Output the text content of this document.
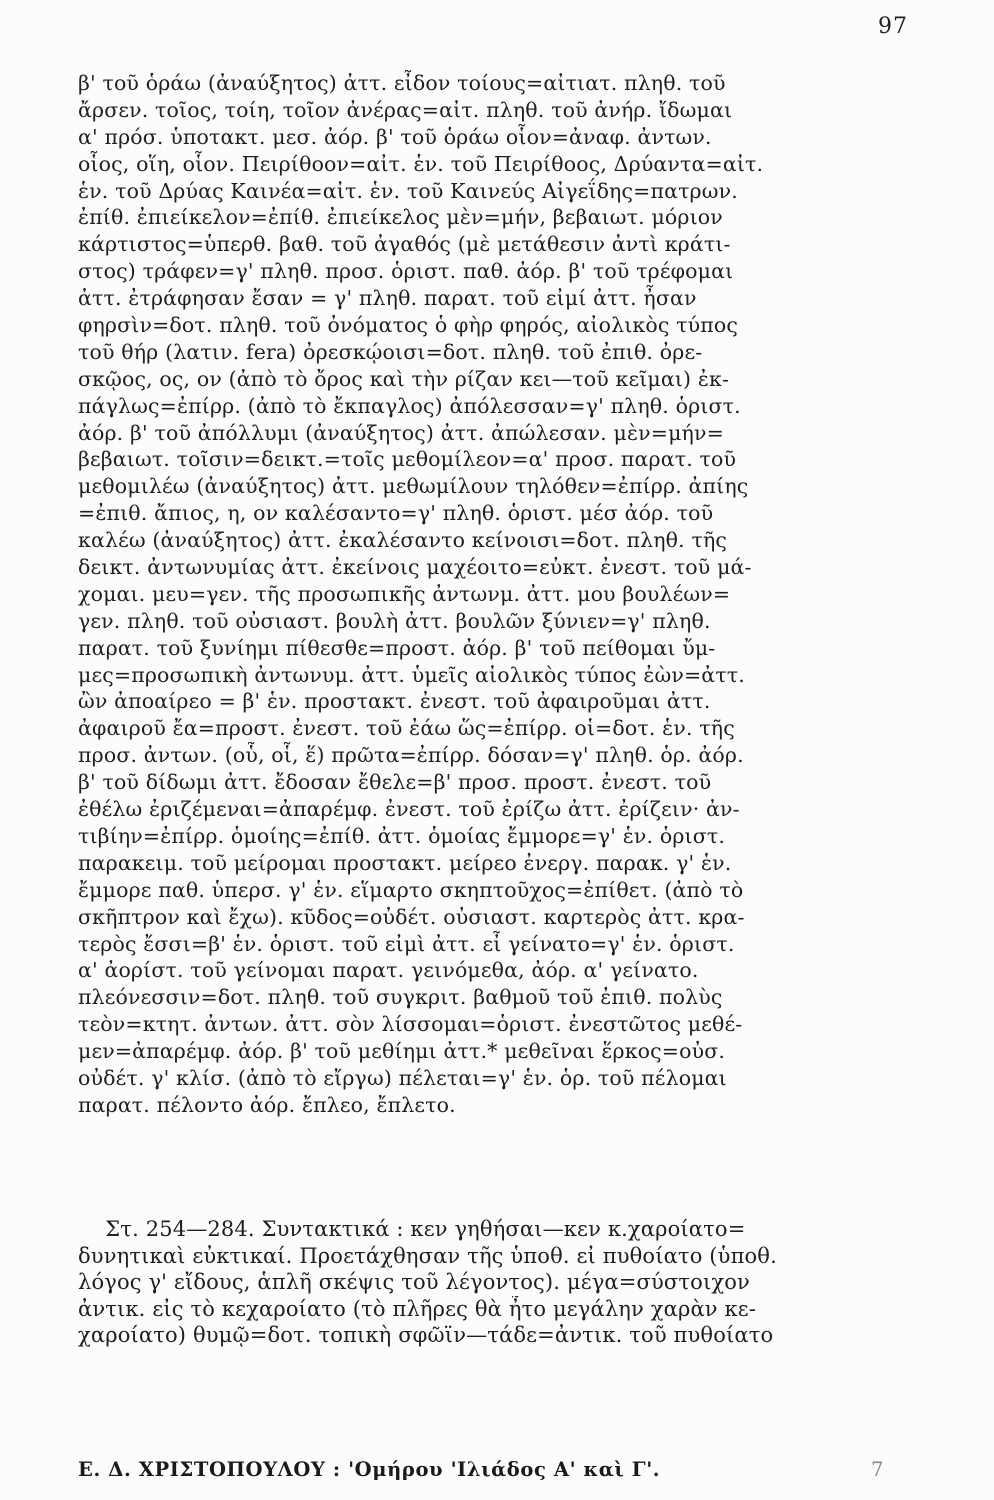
97
β' τοῦ ὁράω (ἀναύξητος) ἀττ. εἶδον τοίους=αἰτιατ. πληθ. τοῦ
ἄρσεν. τοῖος, τοίη, τοῖον ἀνέρας=αἰτ. πληθ. τοῦ ἀνήρ. ἴδωμαι
α' πρόσ. ὑποτακτ. μεσ. ἀόρ. β' τοῦ ὁράω οἷον=ἀναφ. ἀντων.
οἷος, οἵη, οἷον. Πειρίθοον=αἰτ. ἑν. τοῦ Πειρίθοος, Δρύαντα=αἰτ.
ἑν. τοῦ Δρύας Καινέα=αἰτ. ἑν. τοῦ Καινεύς Αἰγεΐδης=πατρων.
ἐπίθ. ἐπιείκελον=ἐπίθ. ἐπιείκελος μὲν=μήν, βεβαιωτ. μόριον
κάρτιστος=ὑπερθ. βαθ. τοῦ ἀγαθός (μὲ μετάθεσιν ἀντὶ κράτι-
στος) τράφεν=γ' πληθ. προσ. ὁριστ. παθ. ἀόρ. β' τοῦ τρέφομαι
ἀττ. ἐτράφησαν ἔσαν = γ' πληθ. παρατ. τοῦ εἰμί ἀττ. ἦσαν
φηρσὶν=δοτ. πληθ. τοῦ ὀνόματος ὁ φὴρ φηρός, αἰολικὸς τύπος
τοῦ θήρ (λατιν. fera) ὀρεσκῴοισι=δοτ. πληθ. τοῦ ἐπιθ. ὀρε-
σκῷος, ος, ον (ἀπὸ τὸ ὄρος καὶ τὴν ρίζαν κει—τοῦ κεῖμαι) ἐκ-
πάγλως=ἐπίρρ. (ἀπὸ τὸ ἔκπαγλος) ἀπόλεσσαν=γ' πληθ. ὁριστ.
ἀόρ. β' τοῦ ἀπόλλυμι (ἀναύξητος) ἀττ. ἀπώλεσαν. μὲν=μήν=
βεβαιωτ. τοῖσιν=δεικτ.=τοῖς μεθομίλεον=α' προσ. παρατ. τοῦ
μεθομιλέω (ἀναύξητος) ἀττ. μεθωμίλουν τηλόθεν=ἐπίρρ. ἀπίης
=ἐπιθ. ἄπιος, η, ον καλέσαντο=γ' πληθ. ὁριστ. μέσ ἀόρ. τοῦ
καλέω (ἀναύξητος) ἀττ. ἐκαλέσαντο κείνοισι=δοτ. πληθ. τῆς
δεικτ. ἀντωνυμίας ἀττ. ἐκείνοις μαχέοιτο=εὐκτ. ἐνεστ. τοῦ μά-
χομαι. μευ=γεν. τῆς προσωπικῆς ἀντωνμ. ἀττ. μου βουλέων=
γεν. πληθ. τοῦ οὐσιαστ. βουλὴ ἀττ. βουλῶν ξύνιεν=γ' πληθ.
παρατ. τοῦ ξυνίημι πίθεσθε=προστ. ἀόρ. β' τοῦ πείθομαι ὔμ-
μες=προσωπικὴ ἀντωνυμ. ἀττ. ὑμεῖς αἰολικὸς τύπος ἐὼν=ἀττ.
ὢν ἀποαίρεο = β' ἑν. προστακτ. ἐνεστ. τοῦ ἀφαιροῦμαι ἀττ.
ἀφαιροῦ ἔα=προστ. ἐνεστ. τοῦ ἐάω ὥς=ἐπίρρ. οἱ=δοτ. ἑν. τῆς
προσ. ἀντων. (οὗ, οἷ, ἕ) πρῶτα=ἐπίρρ. δόσαν=γ' πληθ. ὁρ. ἀόρ.
β' τοῦ δίδωμι ἀττ. ἔδοσαν ἔθελε=β' προσ. προστ. ἐνεστ. τοῦ
ἐθέλω ἐριζέμεναι=ἀπαρέμφ. ἐνεστ. τοῦ ἐρίζω ἀττ. ἐρίζειν· ἀν-
τιβίην=ἐπίρρ. ὁμοίης=ἐπίθ. ἀττ. ὁμοίας ἔμμορε=γ' ἑν. ὁριστ.
παρακειμ. τοῦ μείρομαι προστακτ. μείρεο ἐνεργ. παρακ. γ' ἑν.
ἔμμορε παθ. ὑπερσ. γ' ἑν. εἵμαρτο σκηπτοῦχος=ἐπίθετ. (ἀπὸ τὸ
σκῆπτρον καὶ ἔχω). κῦδος=οὐδέτ. οὐσιαστ. καρτερὸς ἀττ. κρα-
τερὸς ἔσσι=β' ἑν. ὁριστ. τοῦ εἰμὶ ἀττ. εἶ γείνατο=γ' ἑν. ὁριστ.
α' ἀορίστ. τοῦ γείνομαι παρατ. γεινόμεθα, ἀόρ. α' γείνατο.
πλεόνεσσιν=δοτ. πληθ. τοῦ συγκριτ. βαθμοῦ τοῦ ἐπιθ. πολὺς
τεὸν=κτητ. ἀντων. ἀττ. σὸν λίσσομαι=ὁριστ. ἐνεστῶτος μεθέ-
μεν=ἀπαρέμφ. ἀόρ. β' τοῦ μεθίημι ἀττ.* μεθεῖναι ἕρκος=οὐσ.
οὐδέτ. γ' κλίσ. (ἀπὸ τὸ εἴργω) πέλεται=γ' ἑν. ὁρ. τοῦ πέλομαι
παρατ. πέλοντο ἀόρ. ἔπλεο, ἔπλετο.
Στ. 254—284. Συντακτικά : κεν γηθήσαι—κεν κ.χαροίατο=
δυνητικαὶ εὐκτικαί. Προετάχθησαν τῆς ὑποθ. εἰ πυθοίατο (ὑποθ.
λόγος γ' εἴδους, ἁπλῆ σκέψις τοῦ λέγοντος). μέγα=σύστοιχον
ἀντικ. εἰς τὸ κεχαροίατο (τὸ πλῆρες θὰ ἦτο μεγάλην χαρὰν κε-
χαροίατο) θυμῷ=δοτ. τοπικὴ σφῶϊν—τάδε=ἀντικ. τοῦ πυθοίατο
Ε. Δ. ΧΡΙΣΤΟΠΟΥΛΟΥ : 'Ομήρου 'Ιλιάδος Α' καὶ Γ'.	7
